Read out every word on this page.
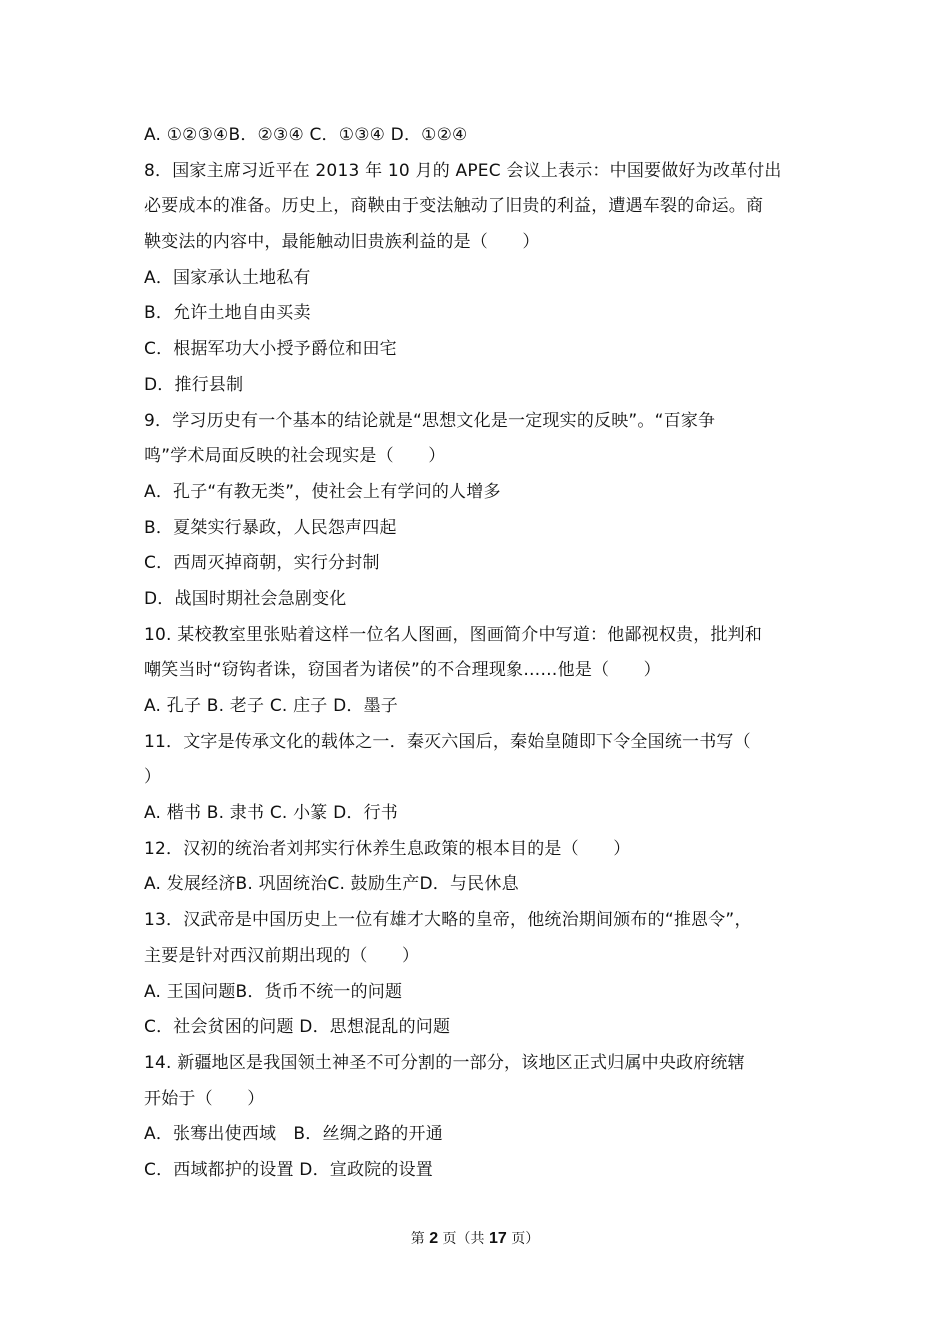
A. ①②③④B．②③④ C．①③④ D．①②④
8．国家主席习近平在 2013 年 10 月的 APEC 会议上表示：中国要做好为改革付出
必要成本的准备。历史上，商鞅由于变法触动了旧贵的利益，遭遇车裂的命运。商
鞅变法的内容中，最能触动旧贵族利益的是（　　）
A．国家承认土地私有
B．允许土地自由买卖
C．根据军功大小授予爵位和田宅
D．推行县制
9．学习历史有一个基本的结论就是“思想文化是一定现实的反映”。“百家争
鸣”学术局面反映的社会现实是（　　）
A．孔子“有教无类”，使社会上有学问的人增多
B．夏桀实行暴政，人民怨声四起
C．西周灭掉商朝，实行分封制
D．战国时期社会急剧变化
10. 某校教室里张贴着这样一位名人图画，图画简介中写道：他鄙视权贵，批判和
嘲笑当时“窃钩者诛，窃国者为诸侯”的不合理现象……他是（　　）
A. 孔子 B. 老子 C. 庄子 D．墨子
11．文字是传承文化的载体之一．秦灭六国后，秦始皇随即下令全国统一书写（
）
A. 楷书 B. 隶书 C. 小篆 D．行书
12．汉初的统治者刘邦实行休养生息政策的根本目的是（　　）
A. 发展经济B. 巩固统治C. 鼓励生产D．与民休息
13．汉武帝是中国历史上一位有雄才大略的皇帝，他统治期间颁布的“推恩令”，
主要是针对西汉前期出现的（　　）
A. 王国问题B．货币不统一的问题
C．社会贫困的问题 D．思想混乱的问题
14. 新疆地区是我国领土神圣不可分割的一部分，该地区正式归属中央政府统辖
开始于（　　）
A．张骞出使西域　B．丝绸之路的开通
C．西域都护的设置 D．宣政院的设置
第 2 页（共 17 页）
